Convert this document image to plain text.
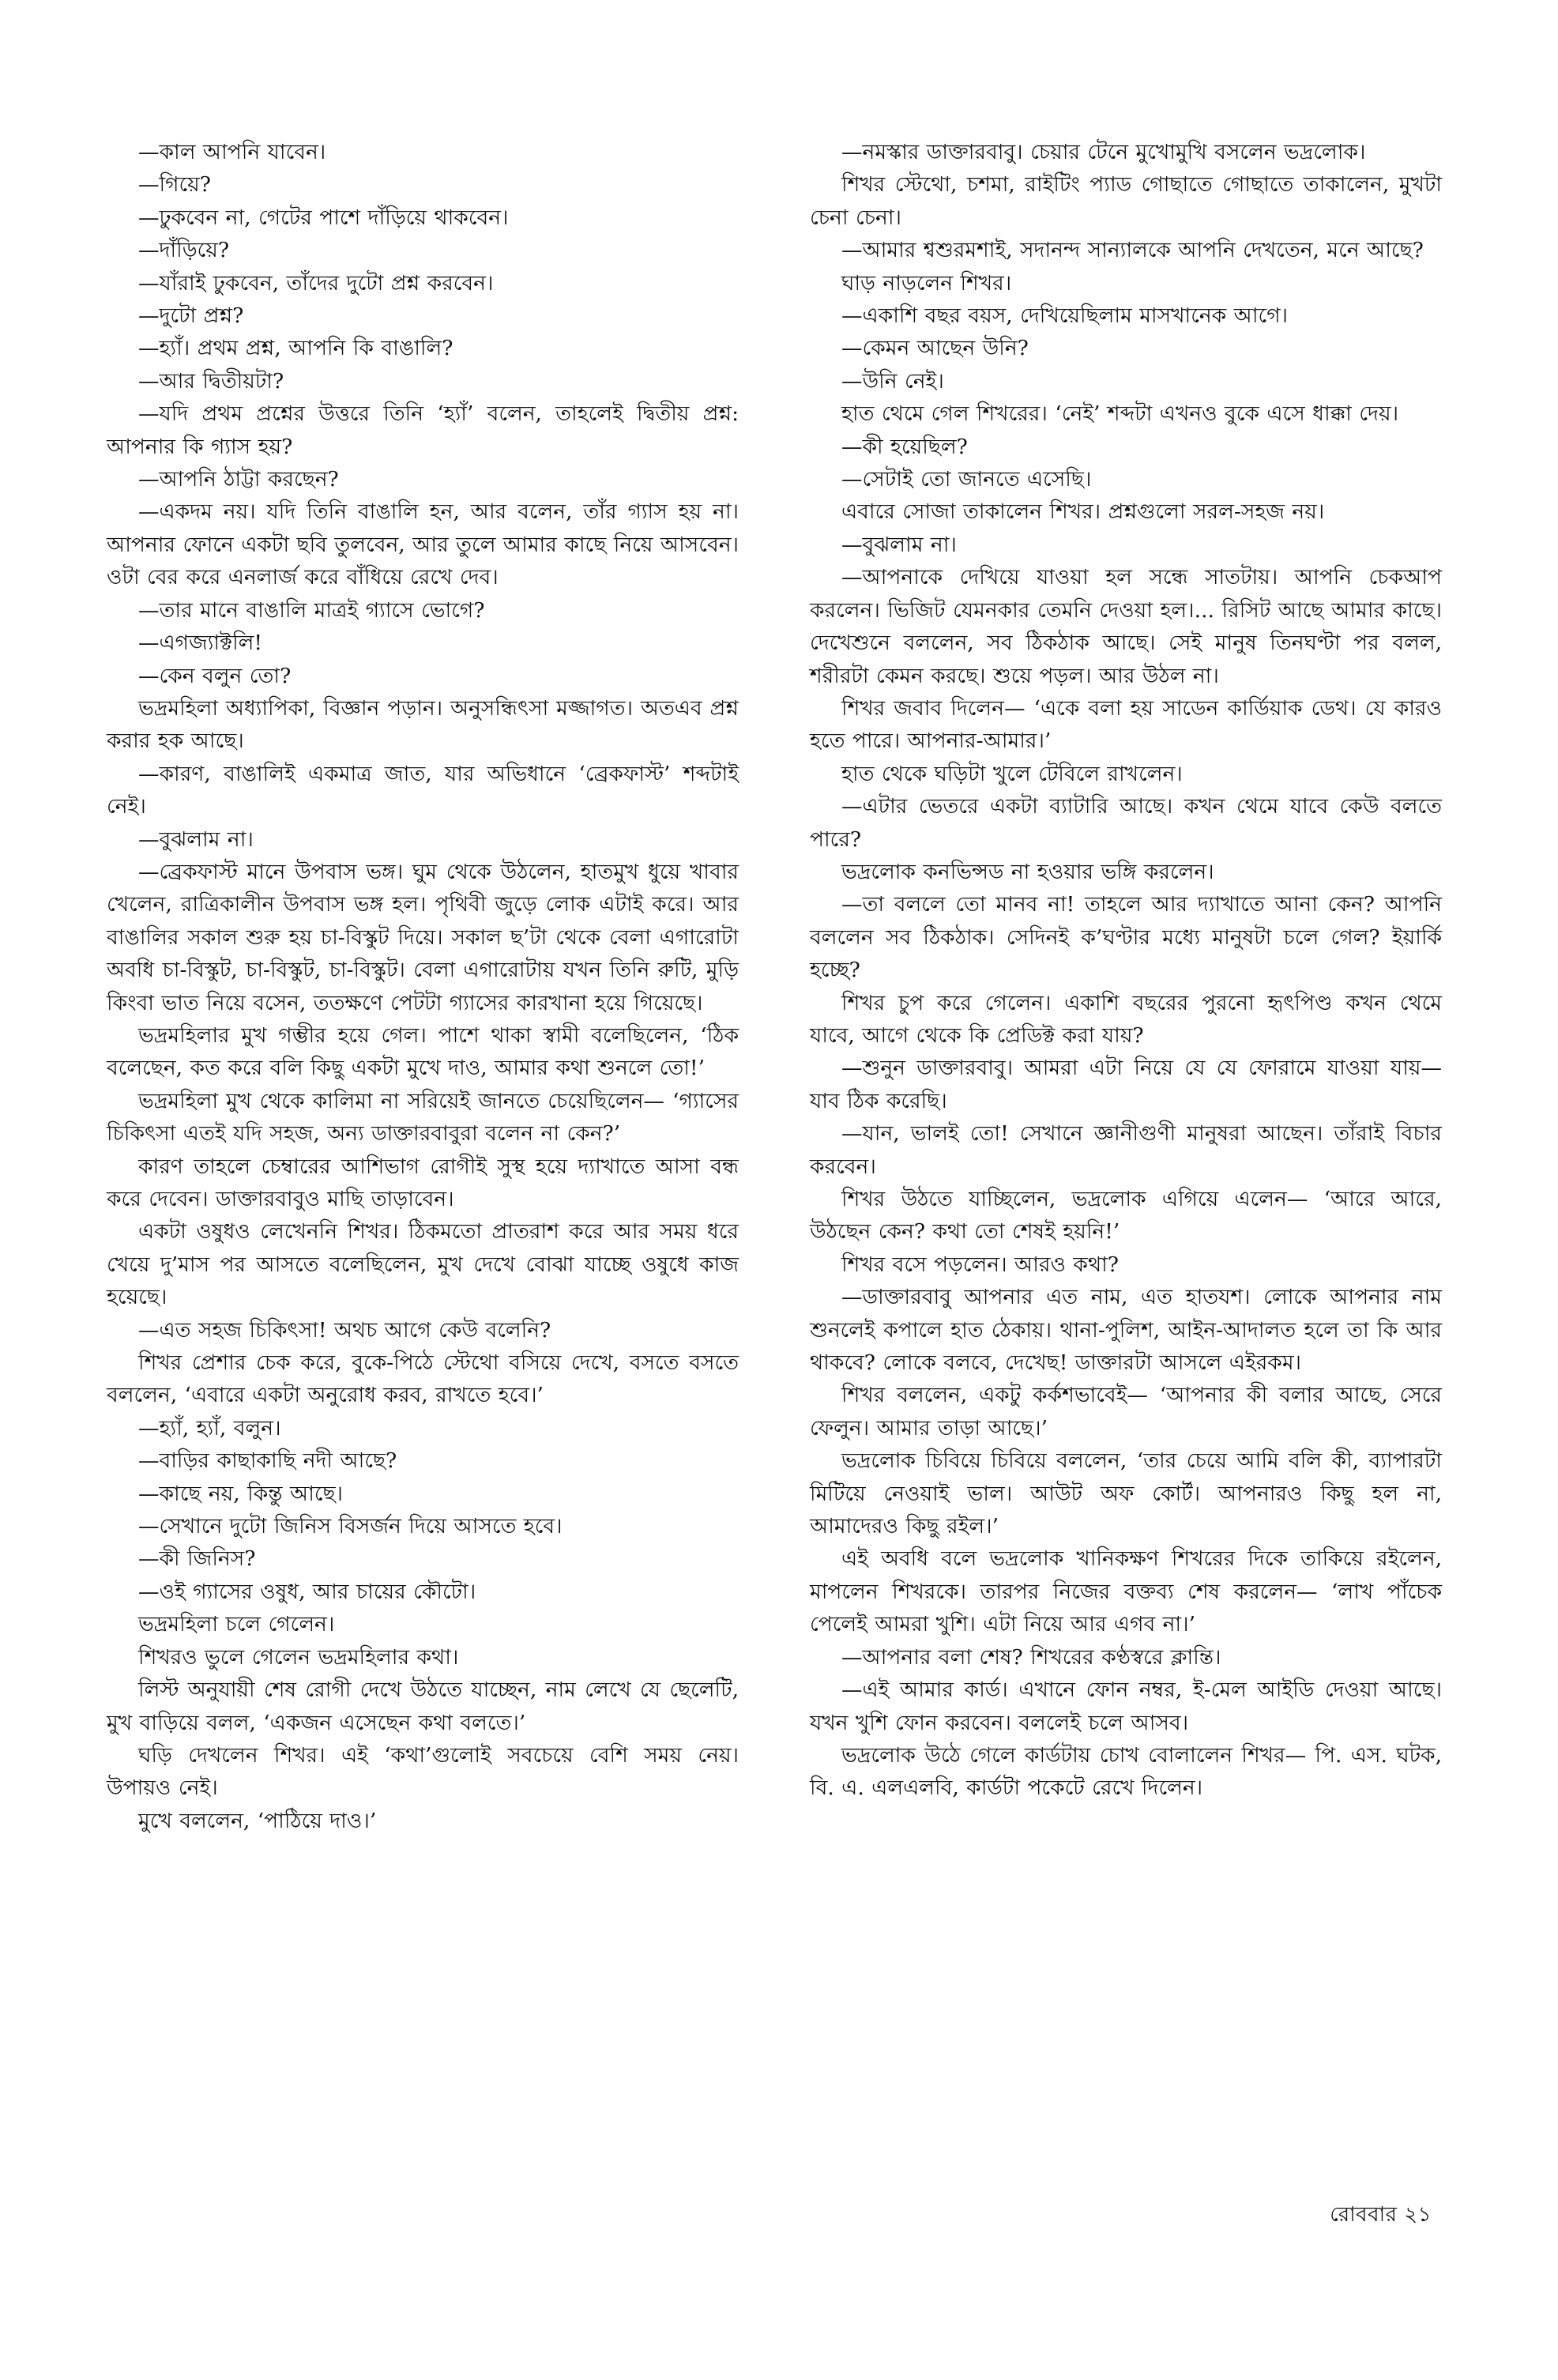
—কাল আপনি যাবেন।

—গিয়ে?

—ঢুকবেন না, গেটের পাশে দাঁড়িয়ে থাকবেন।

—দাঁড়িয়ে?

—যাঁরাই ঢুকবেন, তাঁদের দুটো প্রশ্ন করবেন।

—দুটো প্রশ্ন?

—হ্যাঁ। প্রথম প্রশ্ন, আপনি কি বাঙালি?

—আর দ্বিতীয়টা?

—যদি প্রথম প্রশ্নের উত্তরে তিনি ‘হ্যাঁ’ বলেন, তাহলেই দ্বিতীয় প্রশ্ন: আপনার কি গ্যাস হয়?

—আপনি ঠাট্টা করছেন?

—একদম নয়। যদি তিনি বাঙালি হন, আর বলেন, তাঁর গ্যাস হয় না। আপনার ফোনে একটা ছবি তুলবেন, আর তুলে আমার কাছে নিয়ে আসবেন। ওটা বের করে এনলার্জ করে বাঁধিয়ে রেখে দেব।

—তার মানে বাঙালি মাত্রই গ্যাসে ভোগে?

—এগজ্যাক্টলি!

—কেন বলুন তো?

ভদ্রমহিলা অধ্যাপিকা, বিজ্ঞান পড়ান। অনুসন্ধিৎসা মজ্জাগত। অতএব প্রশ্ন করার হক আছে।

—কারণ, বাঙালিই একমাত্র জাত, যার অভিধানে ‘ব্রেকফাস্ট’ শব্দটাই নেই।

—বুঝলাম না।

—ব্রেকফাস্ট মানে উপবাস ভঙ্গ। ঘুম থেকে উঠলেন, হাতমুখ ধুয়ে খাবার খেলেন, রাত্রিকালীন উপবাস ভঙ্গ হল। পৃথিবী জুড়ে লোক এটাই করে। আর বাঙালির সকাল শুরু হয় চা-বিস্কুট দিয়ে। সকাল ছ’টা থেকে বেলা এগারোটা অবধি চা-বিস্কুট, চা-বিস্কুট, চা-বিস্কুট। বেলা এগারোটায় যখন তিনি রুটি, মুড়ি কিংবা ভাত নিয়ে বসেন, ততক্ষণে পেটটা গ্যাসের কারখানা হয়ে গিয়েছে।

ভদ্রমহিলার মুখ গম্ভীর হয়ে গেল। পাশে থাকা স্বামী বলেছিলেন, ‘ঠিক বলেছেন, কত করে বলি কিছু একটা মুখে দাও, আমার কথা শুনলে তো!’

ভদ্রমহিলা মুখ থেকে কালিমা না সরিয়েই জানতে চেয়েছিলেন— ‘গ্যাসের চিকিৎসা এতই যদি সহজ, অন্য ডাক্তারবাবুরা বলেন না কেন?’

কারণ তাহলে চেম্বারের আশিভাগ রোগীই সুস্থ হয়ে দ্যাখাতে আসা বন্ধ করে দেবেন। ডাক্তারবাবুও মাছি তাড়াবেন।

একটা ওষুধও লেখেননি শিখর। ঠিকমতো প্রাতরাশ করে আর সময় ধরে খেয়ে দু’মাস পর আসতে বলেছিলেন, মুখ দেখে বোঝা যাচ্ছে ওষুধে কাজ হয়েছে।

—এত সহজ চিকিৎসা! অথচ আগে কেউ বলেনি?

শিখর প্রেশার চেক করে, বুকে-পিঠে স্টেথো বসিয়ে দেখে, বসতে বসতে বললেন, ‘এবারে একটা অনুরোধ করব, রাখতে হবে।’

—হ্যাঁ, হ্যাঁ, বলুন।

—বাড়ির কাছাকাছি নদী আছে?

—কাছে নয়, কিন্তু আছে।

—সেখানে দুটো জিনিস বিসর্জন দিয়ে আসতে হবে।

—কী জিনিস?

—ওই গ্যাসের ওষুধ, আর চায়ের কৌটো।

ভদ্রমহিলা চলে গেলেন।

শিখরও ভুলে গেলেন ভদ্রমহিলার কথা।

লিস্ট অনুযায়ী শেষ রোগী দেখে উঠতে যাচ্ছেন, নাম লেখে যে ছেলেটি, মুখ বাড়িয়ে বলল, ‘একজন এসেছেন কথা বলতে।’

ঘড়ি দেখলেন শিখর। এই ‘কথা’গুলোই সবচেয়ে বেশি সময় নেয়। উপায়ও নেই।

মুখে বললেন, ‘পাঠিয়ে দাও।’

—নমস্কার ডাক্তারবাবু। চেয়ার টেনে মুখোমুখি বসলেন ভদ্রলোক।

শিখর স্টেথো, চশমা, রাইটিং প্যাড গোছাতে গোছাতে তাকালেন, মুখটা চেনা চেনা।

—আমার শ্বশুরমশাই, সদানন্দ সান্যালকে আপনি দেখতেন, মনে আছে?

ঘাড় নাড়লেন শিখর।

—একাশি বছর বয়স, দেখিয়েছিলাম মাসখানেক আগে।

—কেমন আছেন উনি?

—উনি নেই।

হাত থেমে গেল শিখরের। ‘নেই’ শব্দটা এখনও বুকে এসে ধাক্কা দেয়।

—কী হয়েছিল?

—সেটাই তো জানতে এসেছি।

এবারে সোজা তাকালেন শিখর। প্রশ্নগুলো সরল-সহজ নয়।

—বুঝলাম না।

—আপনাকে দেখিয়ে যাওয়া হল সন্ধে সাতটায়। আপনি চেকআপ করলেন। ভিজিট যেমনকার তেমনি দেওয়া হল।... রিসিট আছে আমার কাছে। দেখেশুনে বললেন, সব ঠিকঠাক আছে। সেই মানুষ তিনঘণ্টা পর বলল, শরীরটা কেমন করছে। শুয়ে পড়ল। আর উঠল না।

শিখর জবাব দিলেন— ‘একে বলা হয় সাডেন কার্ডিয়াক ডেথ। যে কারও হতে পারে। আপনার-আমার।’

হাত থেকে ঘড়িটা খুলে টেবিলে রাখলেন।

—এটার ভেতরে একটা ব্যাটারি আছে। কখন থেমে যাবে কেউ বলতে পারে?

ভদ্রলোক কনভিন্সড না হওয়ার ভঙ্গি করলেন।

—তা বললে তো মানব না! তাহলে আর দ্যাখাতে আনা কেন? আপনি বললেন সব ঠিকঠাক। সেদিনই ক’ঘণ্টার মধ্যে মানুষটা চলে গেল? ইয়ার্কি হচ্ছে?

শিখর চুপ করে গেলেন। একাশি বছরের পুরনো হৃৎপিণ্ড কখন থেমে যাবে, আগে থেকে কি প্রেডিক্ট করা যায়?

—শুনুন ডাক্তারবাবু। আমরা এটা নিয়ে যে যে ফোরামে যাওয়া যায়— যাব ঠিক করেছি।

—যান, ভালই তো! সেখানে জ্ঞানীগুণী মানুষরা আছেন। তাঁরাই বিচার করবেন।

শিখর উঠতে যাচ্ছিলেন, ভদ্রলোক এগিয়ে এলেন— ‘আরে আরে, উঠছেন কেন? কথা তো শেষই হয়নি!’

শিখর বসে পড়লেন। আরও কথা?

—ডাক্তারবাবু আপনার এত নাম, এত হাতযশ। লোকে আপনার নাম শুনলেই কপালে হাত ঠেকায়। থানা-পুলিশ, আইন-আদালত হলে তা কি আর থাকবে? লোকে বলবে, দেখেছ! ডাক্তারটা আসলে এইরকম।

শিখর বললেন, একটু কর্কশভাবেই— ‘আপনার কী বলার আছে, সেরে ফেলুন। আমার তাড়া আছে।’

ভদ্রলোক চিবিয়ে চিবিয়ে বললেন, ‘তার চেয়ে আমি বলি কী, ব্যাপারটা মিটিয়ে নেওয়াই ভাল। আউট অফ কোর্ট। আপনারও কিছু হল না, আমাদেরও কিছু রইল।’

এই অবধি বলে ভদ্রলোক খানিকক্ষণ শিখরের দিকে তাকিয়ে রইলেন, মাপলেন শিখরকে। তারপর নিজের বক্তব্য শেষ করলেন— ‘লাখ পাঁচেক পেলেই আমরা খুশি। এটা নিয়ে আর এগব না।’

—আপনার বলা শেষ? শিখরের কণ্ঠস্বরে ক্লান্তি।

—এই আমার কার্ড। এখানে ফোন নম্বর, ই-মেল আইডি দেওয়া আছে। যখন খুশি ফোন করবেন। বললেই চলে আসব।

ভদ্রলোক উঠে গেলে কার্ডটায় চোখ বোলালেন শিখর— পি. এস. ঘটক, বি. এ. এলএলবি, কার্ডটা পকেটে রেখে দিলেন।

রোববার ২১
